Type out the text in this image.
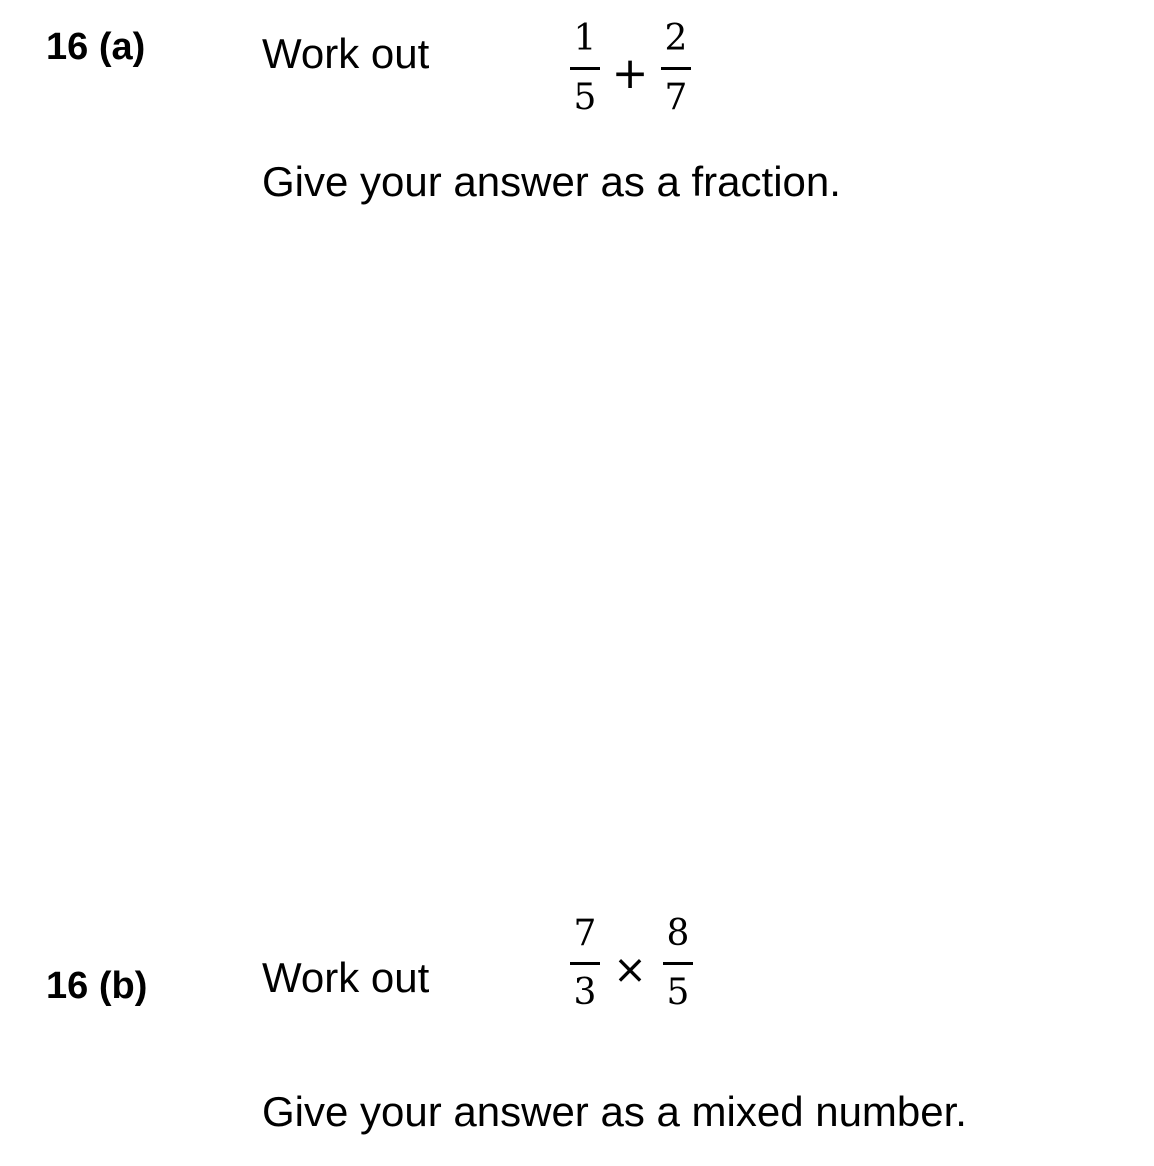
16 (a)	Work out	1
5 +
2
7
Give your answer as a fraction.
16 (b)	Work out
7
3 ×
8
5
Give your answer as a mixed number.
